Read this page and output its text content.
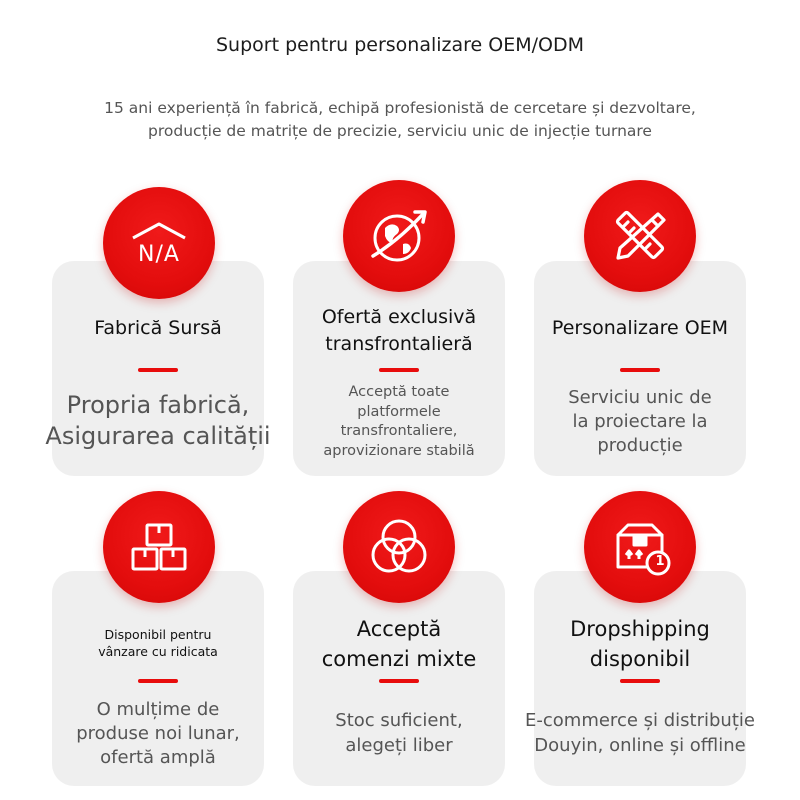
Suport pentru personalizare OEM/ODM
15 ani experiență în fabrică, echipă profesionistă de cercetare și dezvoltare,
producție de matrițe de precizie, serviciu unic de injecție turnare
N/A
Fabrică Sursă
Propria fabrică,
Asigurarea calității
Ofertă exclusivă
transfrontalieră
Acceptă toate
platformele
transfrontaliere,
aprovizionare stabilă
Personalizare OEM
Serviciu unic de
la proiectare la
producție
Disponibil pentru
vânzare cu ridicata
O mulțime de
produse noi lunar,
ofertă amplă
Acceptă
comenzi mixte
Stoc suficient,
alegeți liber
1
Dropshipping
disponibil
E-commerce și distribuție
Douyin, online și offline
